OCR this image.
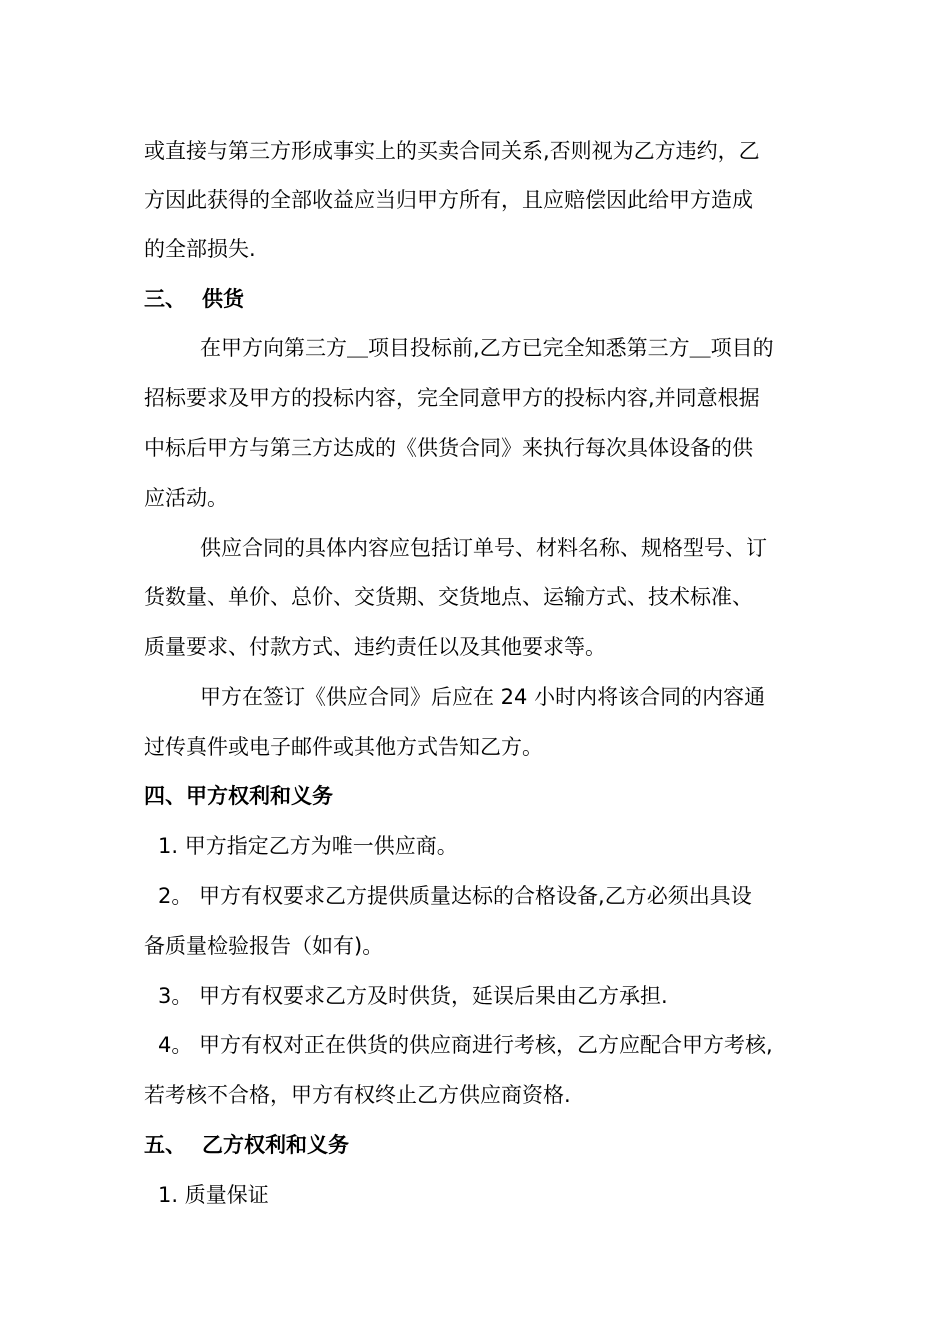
或直接与第三方形成事实上的买卖合同关系,否则视为乙方违约，乙
方因此获得的全部收益应当归甲方所有，且应赔偿因此给甲方造成
的全部损失.
三、 供货
在甲方向第三方＿项目投标前,乙方已完全知悉第三方＿项目的
招标要求及甲方的投标内容，完全同意甲方的投标内容,并同意根据
中标后甲方与第三方达成的《供货合同》来执行每次具体设备的供
应活动。
供应合同的具体内容应包括订单号、材料名称、规格型号、订
货数量、单价、总价、交货期、交货地点、运输方式、技术标准、
质量要求、付款方式、违约责任以及其他要求等。
甲方在签订《供应合同》后应在 24 小时内将该合同的内容通
过传真件或电子邮件或其他方式告知乙方。
四、甲方权利和义务
1. 甲方指定乙方为唯一供应商。
2。 甲方有权要求乙方提供质量达标的合格设备,乙方必须出具设
备质量检验报告（如有)。
3。 甲方有权要求乙方及时供货，延误后果由乙方承担.
4。 甲方有权对正在供货的供应商进行考核，乙方应配合甲方考核,
若考核不合格，甲方有权终止乙方供应商资格.
五、 乙方权利和义务
1. 质量保证
